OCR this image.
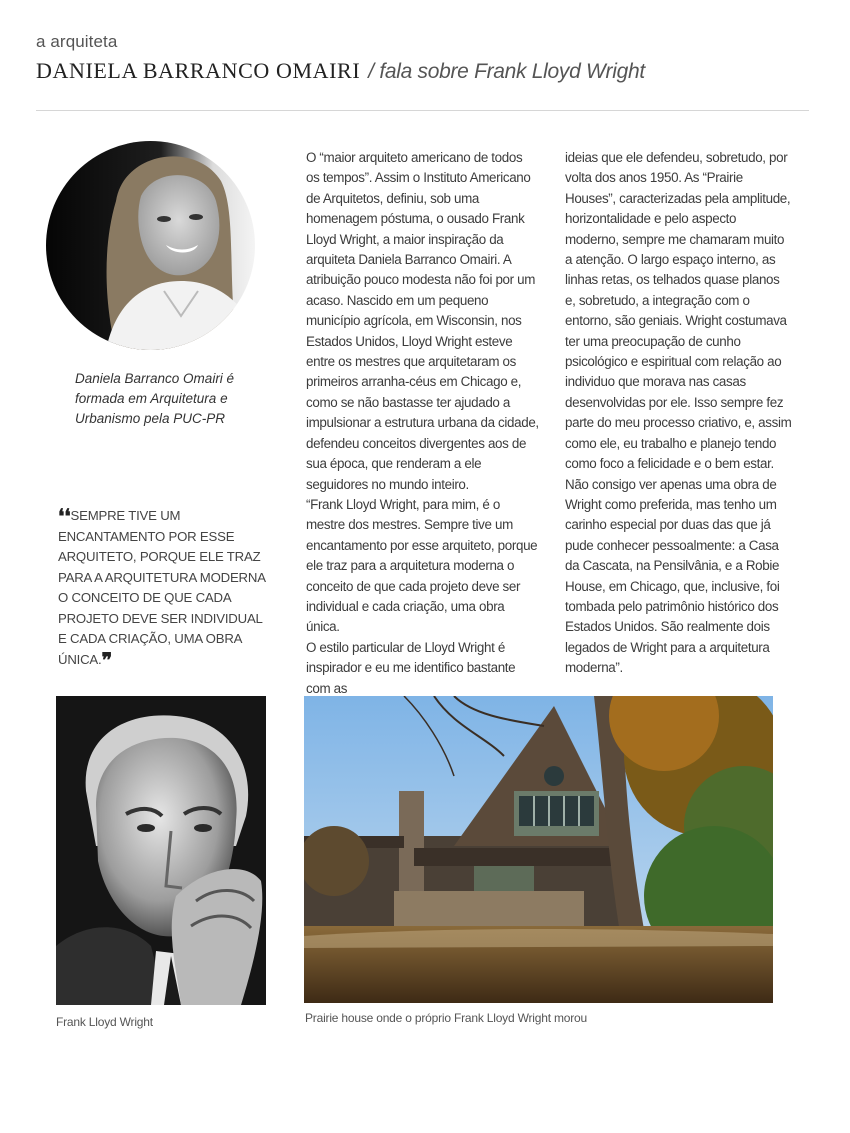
a arquiteta
DANIELA BARRANCO OMAIRI / fala sobre Frank Lloyd Wright
Daniela Barranco Omairi é formada em Arquitetura e Urbanismo pela PUC-PR
❛❛SEMPRE TIVE UM ENCANTAMENTO POR ESSE ARQUITETO, PORQUE ELE TRAZ PARA A ARQUITETURA MODERNA O CONCEITO DE QUE CADA PROJETO DEVE SER INDIVIDUAL E CADA CRIAÇÃO, UMA OBRA ÚNICA.❞

O “maior arquiteto americano de todos os tempos”. Assim o Instituto Americano de Arquitetos, definiu, sob uma homenagem póstuma, o ousado Frank Lloyd Wright, a maior inspiração da arquiteta Daniela Barranco Omairi. A atribuição pouco modesta não foi por um acaso. Nascido em um pequeno município agrícola, em Wisconsin, nos Estados Unidos, Lloyd Wright esteve entre os mestres que arquitetaram os primeiros arranha-céus em Chicago e, como se não bastasse ter ajudado a impulsionar a estrutura urbana da cidade, defendeu conceitos divergentes aos de sua época, que renderam a ele seguidores no mundo inteiro.

“Frank Lloyd Wright, para mim, é o mestre dos mestres. Sempre tive um encantamento por esse arquiteto, porque ele traz para a arquitetura moderna o conceito de que cada projeto deve ser individual e cada criação, uma obra única.

O estilo particular de Lloyd Wright é inspirador e eu me identifico bastante com as

ideias que ele defendeu, sobretudo, por volta dos anos 1950. As “Prairie Houses”, caracterizadas pela amplitude, horizontalidade e pelo aspecto moderno, sempre me chamaram muito a atenção. O largo espaço interno, as linhas retas, os telhados quase planos e, sobretudo, a integração com o entorno, são geniais. Wright costumava ter uma preocupação de cunho psicológico e espiritual com relação ao individuo que morava nas casas desenvolvidas por ele. Isso sempre fez parte do meu processo criativo, e, assim como ele, eu trabalho e planejo tendo como foco a felicidade e o bem estar. Não consigo ver apenas uma obra de Wright como preferida, mas tenho um carinho especial por duas das que já pude conhecer pessoalmente: a Casa da Cascata, na Pensilvânia, e a Robie House, em Chicago, que, inclusive, foi tombada pelo patrimônio histórico dos Estados Unidos. São realmente dois legados de Wright para a arquitetura moderna”.

Frank Lloyd Wright	Prairie house onde o próprio Frank Lloyd Wright morou
